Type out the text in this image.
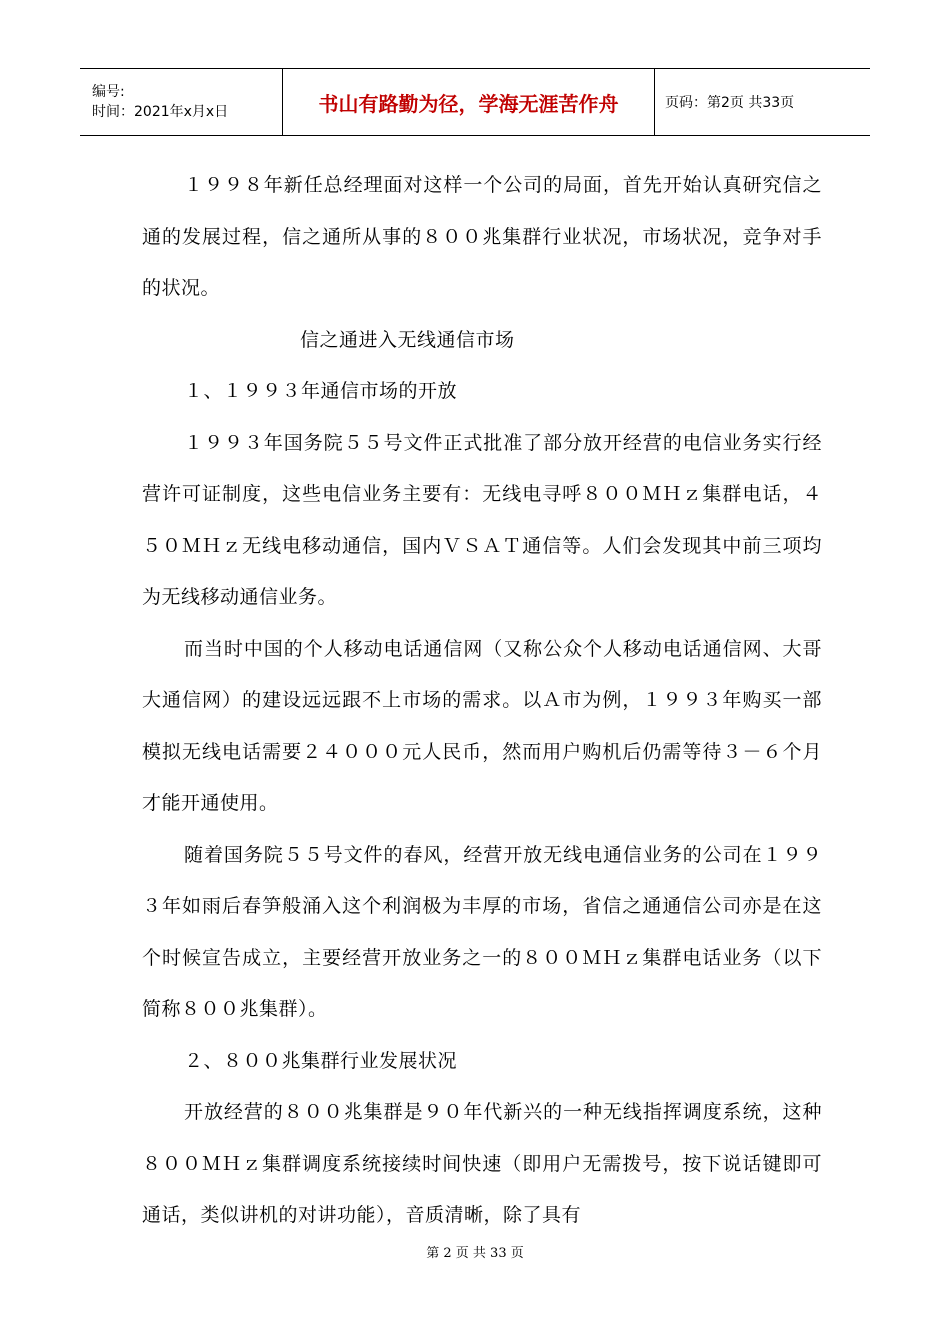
编号:
时间：2021年x月x日	书山有路勤为径，学海无涯苦作舟	页码：第2页 共33页

１９９８年新任总经理面对这样一个公司的局面，首先开始认真研究信之通的发展过程，信之通所从事的８００兆集群行业状况，市场状况，竞争对手的状况。

信之通进入无线通信市场

１、１９９３年通信市场的开放

１９９３年国务院５５号文件正式批准了部分放开经营的电信业务实行经营许可证制度，这些电信业务主要有：无线电寻呼８００ＭＨｚ集群电话，４５０ＭＨｚ无线电移动通信，国内ＶＳＡＴ通信等。人们会发现其中前三项均为无线移动通信业务。

而当时中国的个人移动电话通信网（又称公众个人移动电话通信网、大哥大通信网）的建设远远跟不上市场的需求。以Ａ市为例，１９９３年购买一部模拟无线电话需要２４０００元人民币，然而用户购机后仍需等待３－６个月才能开通使用。

随着国务院５５号文件的春风，经营开放无线电通信业务的公司在１９９３年如雨后春笋般涌入这个利润极为丰厚的市场，省信之通通信公司亦是在这个时候宣告成立，主要经营开放业务之一的８００ＭＨｚ集群电话业务（以下简称８００兆集群）。

２、８００兆集群行业发展状况

开放经营的８００兆集群是９０年代新兴的一种无线指挥调度系统，这种８００ＭＨｚ集群调度系统接续时间快速（即用户无需拨号，按下说话键即可通话，类似讲机的对讲功能），音质清晰，除了具有

第 2 页 共 33 页
